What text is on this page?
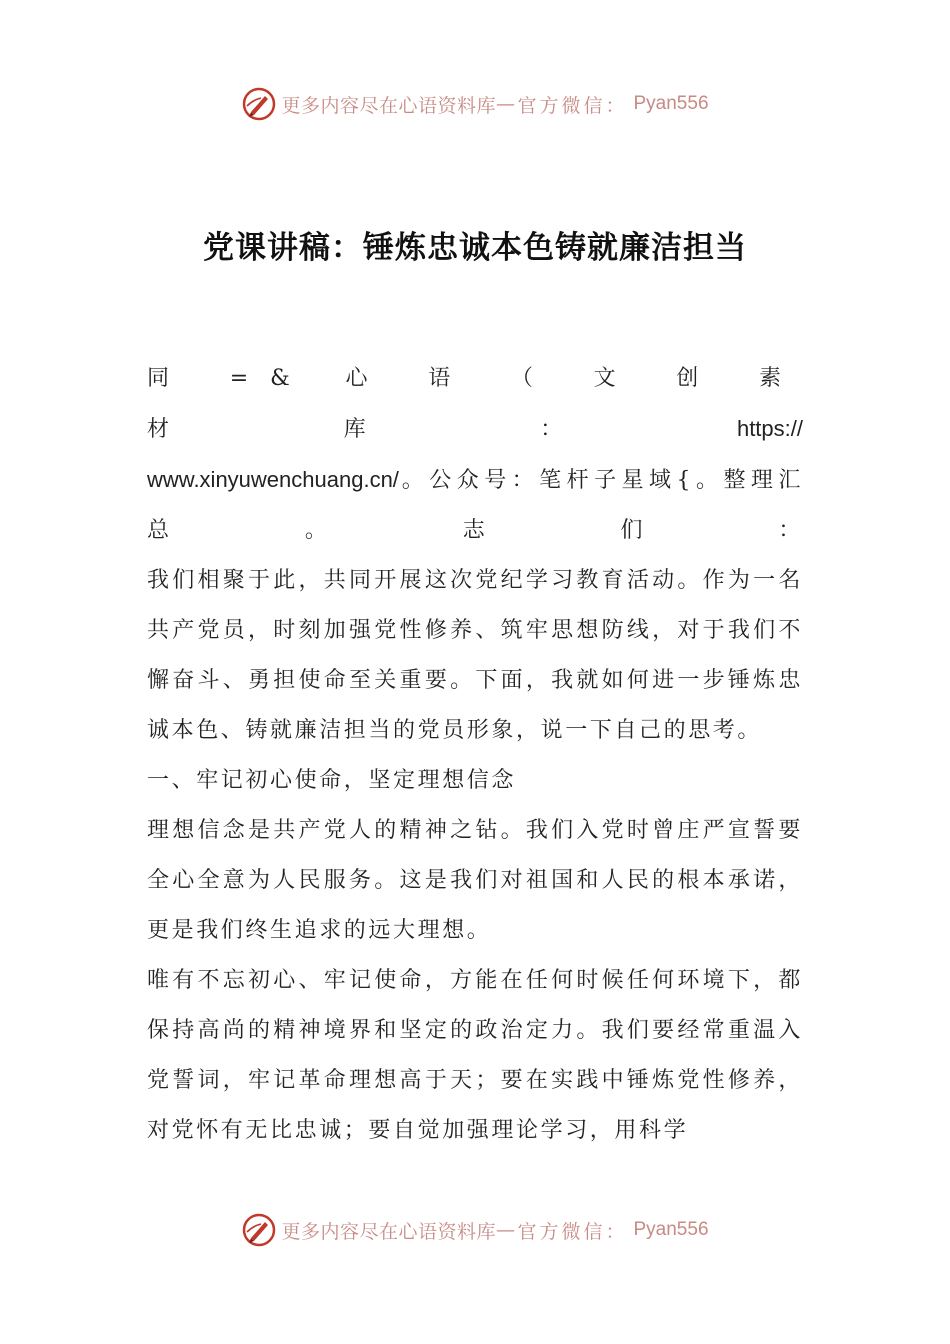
更多内容尽在心语资料库 — 官方微信： Pyan556
党课讲稿：锤炼忠诚本色铸就廉洁担当

同 =& 心 语 （ 文 创 素 材 库 ：	https://
www.xinyuwenchuang.cn/。公众号：笔杆子星域{。整理汇总。志们：

我们相聚于此，共同开展这次党纪学习教育活动。作为一名共产党员，时刻加强党性修养、筑牢思想防线，对于我们不懈奋斗、勇担使命至关重要。下面，我就如何进一步锤炼忠诚本色、铸就廉洁担当的党员形象，说一下自己的思考。

一、牢记初心使命，坚定理想信念

理想信念是共产党人的精神之钻。我们入党时曾庄严宣誓要全心全意为人民服务。这是我们对祖国和人民的根本承诺，更是我们终生追求的远大理想。

唯有不忘初心、牢记使命，方能在任何时候任何环境下，都保持高尚的精神境界和坚定的政治定力。我们要经常重温入党誓词，牢记革命理想高于天；要在实践中锤炼党性修养，对党怀有无比忠诚；要自觉加强理论学习，用科学

更多内容尽在心语资料库 — 官方微信： Pyan556
